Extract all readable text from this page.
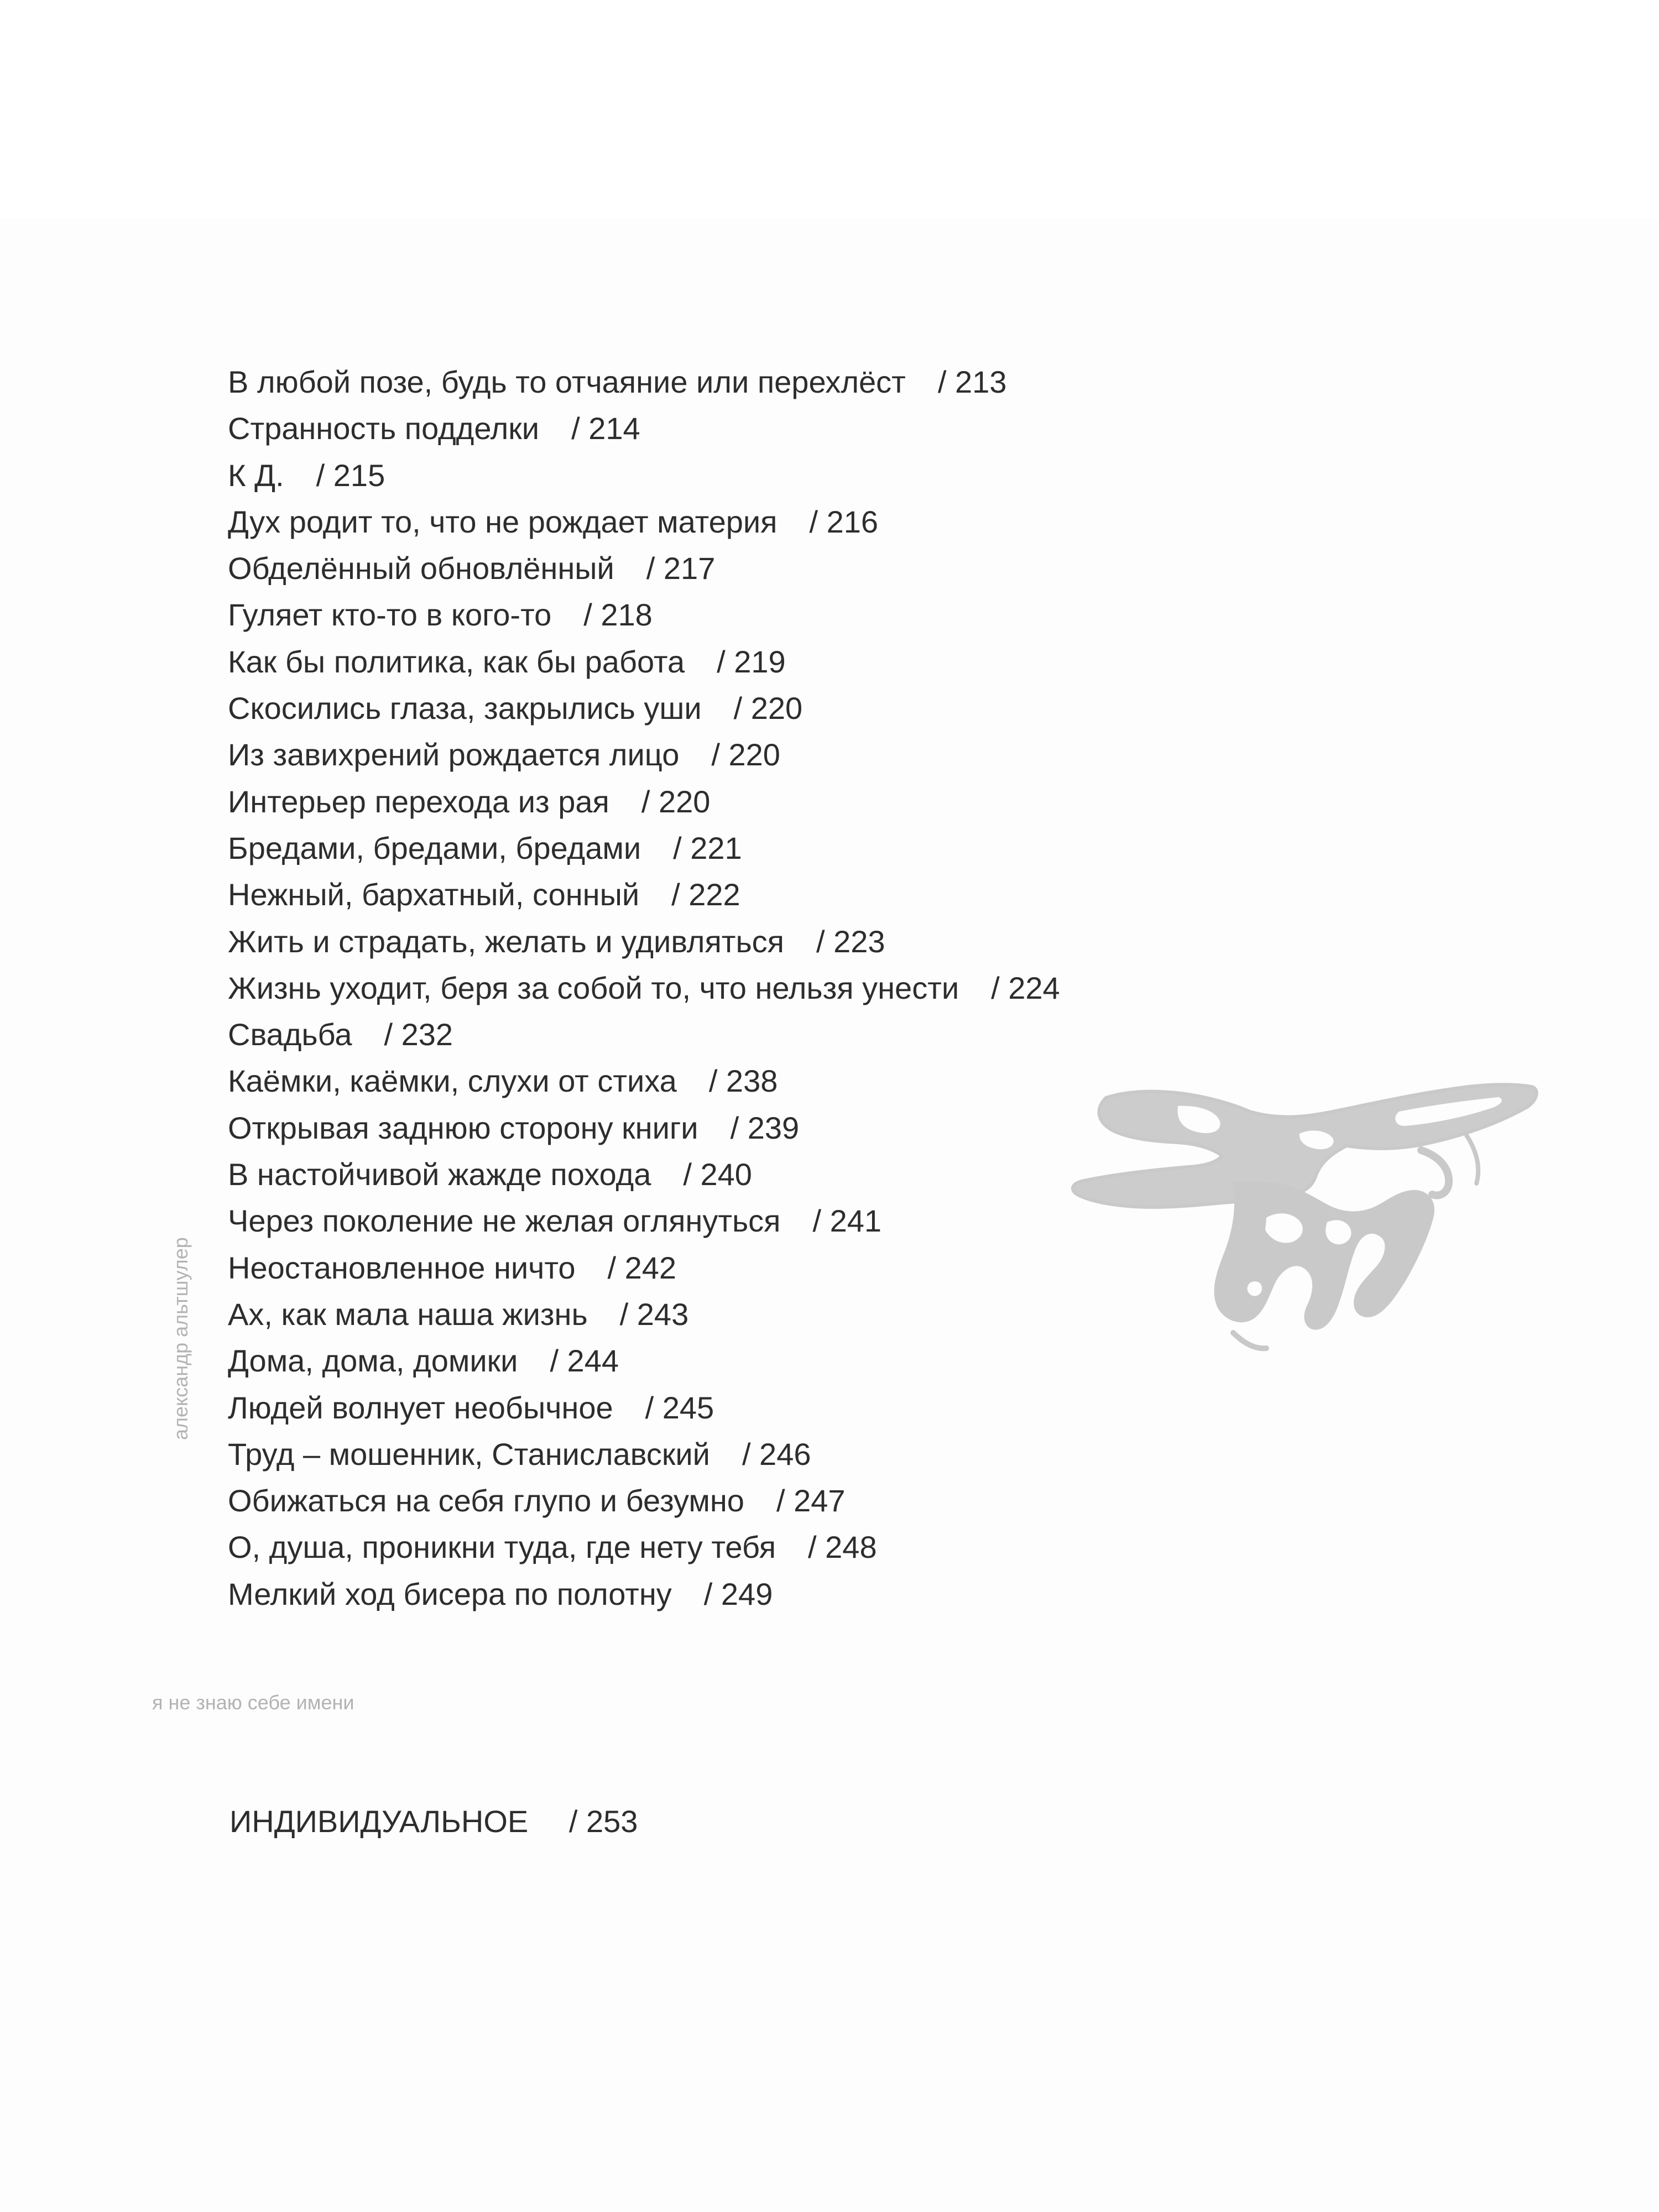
В любой позе, будь то отчаяние или перехлёст / 213
Странность подделки / 214
К Д. / 215
Дух родит то, что не рождает материя / 216
Обделённый обновлённый / 217
Гуляет кто-то в кого-то / 218
Как бы политика, как бы работа / 219
Скосились глаза, закрылись уши / 220
Из завихрений рождается лицо / 220
Интерьер перехода из рая / 220
Бредами, бредами, бредами / 221
Нежный, бархатный, сонный / 222
Жить и страдать, желать и удивляться / 223
Жизнь уходит, беря за собой то, что нельзя унести / 224
Свадьба / 232
Каёмки, каёмки, слухи от стиха / 238
Открывая заднюю сторону книги / 239
В настойчивой жажде похода / 240
Через поколение не желая оглянуться / 241
Неостановленное ничто / 242
Ах, как мала наша жизнь / 243
Дома, дома, домики / 244
Людей волнует необычное / 245
Труд – мошенник, Станиславский / 246
Обижаться на себя глупо и безумно / 247
О, душа, проникни туда, где нету тебя / 248
Мелкий ход бисера по полотну / 249
ИНДИВИДУАЛЬНОЕ / 253
александр альтшулер
я не знаю себе имени
